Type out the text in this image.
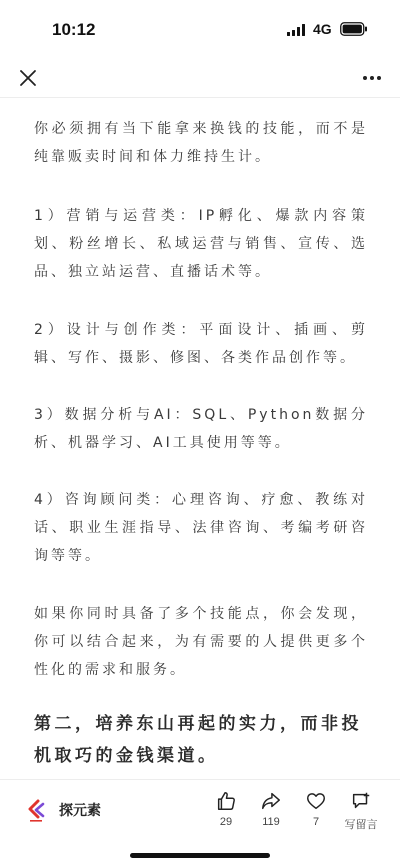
10:12	4G

你必须拥有当下能拿来换钱的技能，而不是纯靠贩卖时间和体力维持生计。

1）营销与运营类：IP孵化、爆款内容策划、粉丝增长、私域运营与销售、宣传、选品、独立站运营、直播话术等。

2）设计与创作类：平面设计、插画、剪辑、写作、摄影、修图、各类作品创作等。

3）数据分析与AI：SQL、Python数据分析、机器学习、AI工具使用等等。

4）咨询顾问类：心理咨询、疗愈、教练对话、职业生涯指导、法律咨询、考编考研咨询等等。

如果你同时具备了多个技能点，你会发现，你可以结合起来，为有需要的人提供更多个性化的需求和服务。

第二，培养东山再起的实力，而非投机取巧的金钱渠道。
探元素
29	119	7	写留言
